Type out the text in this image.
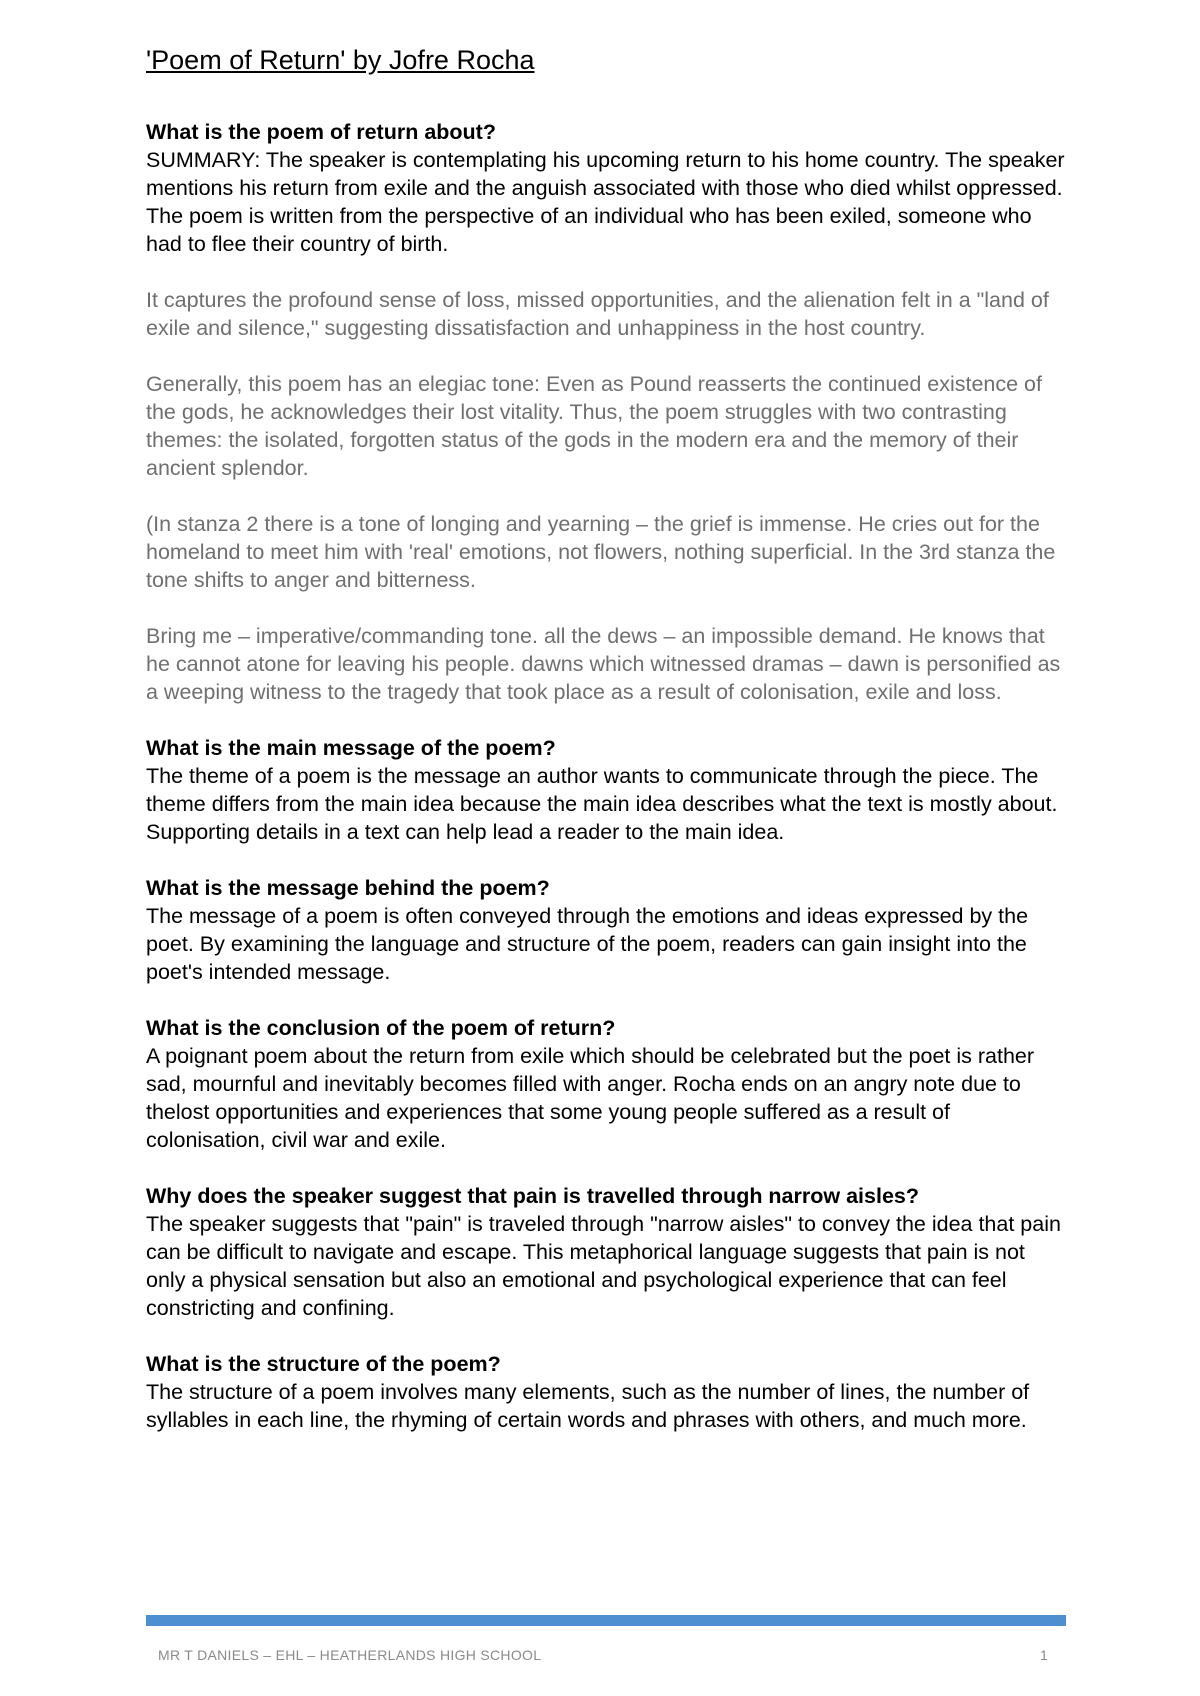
'Poem of Return' by Jofre Rocha

What is the poem of return about?

SUMMARY: The speaker is contemplating his upcoming return to his home country. The speaker mentions his return from exile and the anguish associated with those who died whilst oppressed. The poem is written from the perspective of an individual who has been exiled, someone who had to flee their country of birth.

It captures the profound sense of loss, missed opportunities, and the alienation felt in a "land of exile and silence," suggesting dissatisfaction and unhappiness in the host country.

Generally, this poem has an elegiac tone: Even as Pound reasserts the continued existence of the gods, he acknowledges their lost vitality. Thus, the poem struggles with two contrasting themes: the isolated, forgotten status of the gods in the modern era and the memory of their ancient splendor.

(In stanza 2 there is a tone of longing and yearning – the grief is immense. He cries out for the homeland to meet him with 'real' emotions, not flowers, nothing superficial. In the 3rd stanza the tone shifts to anger and bitterness.

Bring me – imperative/commanding tone. all the dews – an impossible demand. He knows that he cannot atone for leaving his people. dawns which witnessed dramas – dawn is personified as a weeping witness to the tragedy that took place as a result of colonisation, exile and loss.

What is the main message of the poem?

The theme of a poem is the message an author wants to communicate through the piece. The theme differs from the main idea because the main idea describes what the text is mostly about. Supporting details in a text can help lead a reader to the main idea.

What is the message behind the poem?

The message of a poem is often conveyed through the emotions and ideas expressed by the poet. By examining the language and structure of the poem, readers can gain insight into the poet's intended message.

What is the conclusion of the poem of return?

A poignant poem about the return from exile which should be celebrated but the poet is rather sad, mournful and inevitably becomes filled with anger. Rocha ends on an angry note due to thelost opportunities and experiences that some young people suffered as a result of colonisation, civil war and exile.

Why does the speaker suggest that pain is travelled through narrow aisles?

The speaker suggests that "pain" is traveled through "narrow aisles" to convey the idea that pain can be difficult to navigate and escape. This metaphorical language suggests that pain is not only a physical sensation but also an emotional and psychological experience that can feel constricting and confining.

What is the structure of the poem?

The structure of a poem involves many elements, such as the number of lines, the number of syllables in each line, the rhyming of certain words and phrases with others, and much more.

MR T DANIELS – EHL – HEATHERLANDS HIGH SCHOOL	1
